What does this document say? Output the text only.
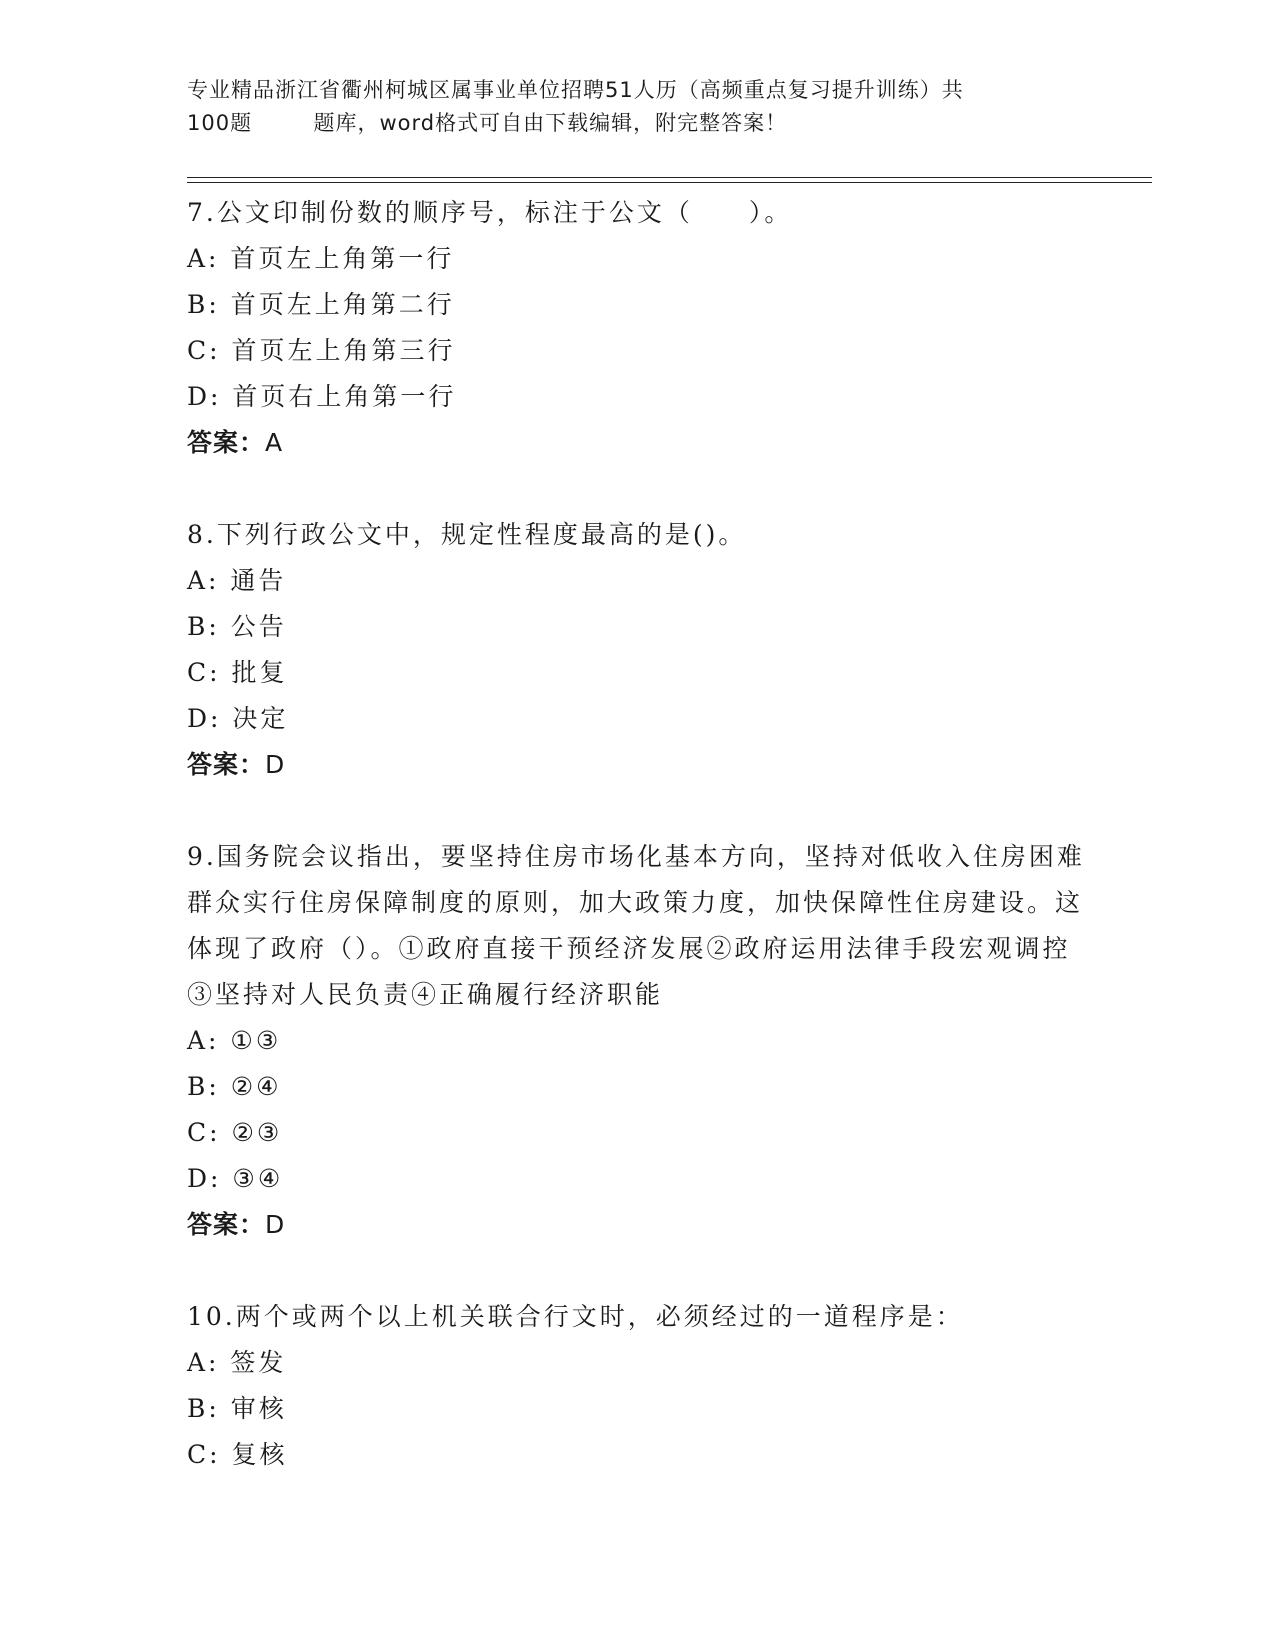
专业精品浙江省衢州柯城区属事业单位招聘51人历（高频重点复习提升训练）共
100题        题库，word格式可自由下载编辑，附完整答案！
7.公文印制份数的顺序号，标注于公文（　　）。
A: 首页左上角第一行
B: 首页左上角第二行
C: 首页左上角第三行
D: 首页右上角第一行
答案：A
8.下列行政公文中，规定性程度最高的是()。
A: 通告
B: 公告
C: 批复
D: 决定
答案：D
9.国务院会议指出，要坚持住房市场化基本方向，坚持对低收入住房困难群众实行住房保障制度的原则，加大政策力度，加快保障性住房建设。这体现了政府（）。①政府直接干预经济发展②政府运用法律手段宏观调控③坚持对人民负责④正确履行经济职能
A: ①③
B: ②④
C: ②③
D: ③④
答案：D
10.两个或两个以上机关联合行文时，必须经过的一道程序是：
A: 签发
B: 审核
C: 复核
